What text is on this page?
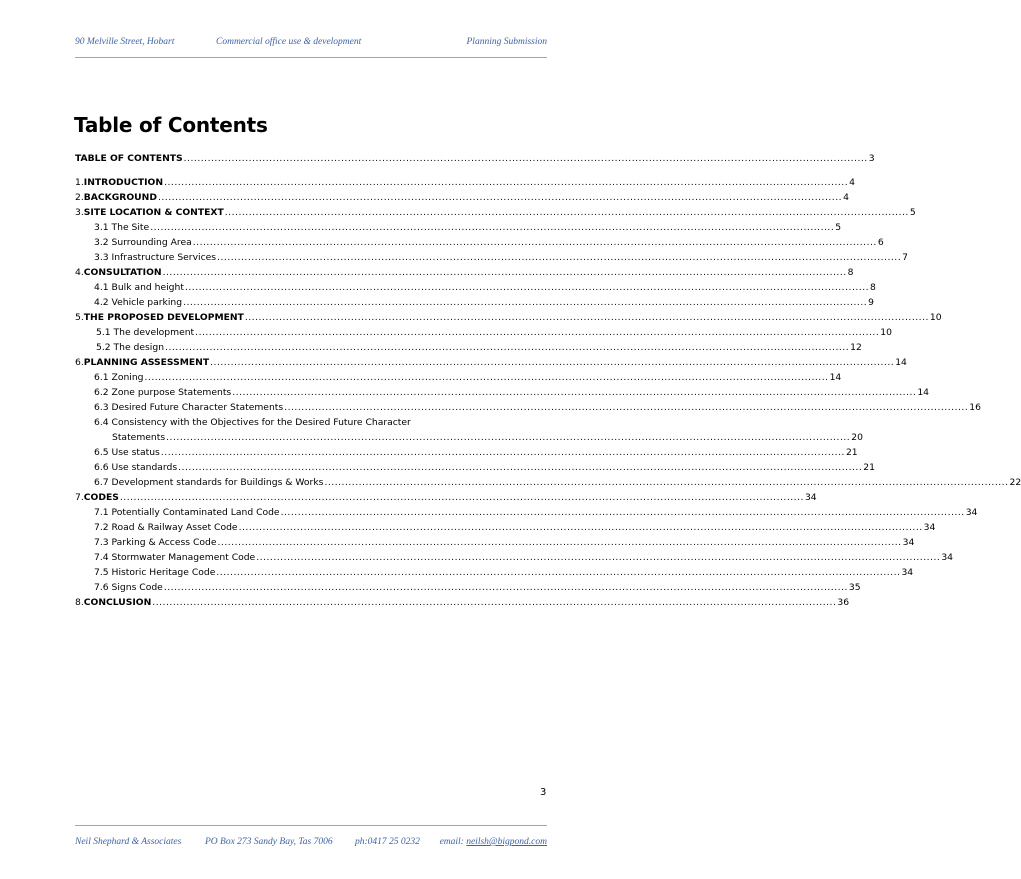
90 Melville Street, Hobart	Commercial office use & development	Planning Submission
Table of Contents
TABLE OF CONTENTS ........................................................................................................................................................................................................ 3
1. INTRODUCTION ........................................................................................................................................................................................................ 4
2. BACKGROUND ........................................................................................................................................................................................................ 4
3. SITE LOCATION & CONTEXT ........................................................................................................................................................................................................ 5
3.1 The Site ........................................................................................................................................................................................................ 5
3.2 Surrounding Area ........................................................................................................................................................................................................ 6
3.3 Infrastructure Services ........................................................................................................................................................................................................ 7
4. CONSULTATION ........................................................................................................................................................................................................ 8
4.1 Bulk and height ........................................................................................................................................................................................................ 8
4.2 Vehicle parking ........................................................................................................................................................................................................ 9
5. THE PROPOSED DEVELOPMENT ........................................................................................................................................................................................................ 10
5.1 The development ........................................................................................................................................................................................................ 10
5.2 The design ........................................................................................................................................................................................................ 12
6. PLANNING ASSESSMENT ........................................................................................................................................................................................................ 14
6.1 Zoning ........................................................................................................................................................................................................ 14
6.2 Zone purpose Statements ........................................................................................................................................................................................................ 14
6.3 Desired Future Character Statements ........................................................................................................................................................................................................ 16
6.4 Consistency with the Objectives for the Desired Future Character
Statements ........................................................................................................................................................................................................ 20
6.5 Use status ........................................................................................................................................................................................................ 21
6.6 Use standards ........................................................................................................................................................................................................ 21
6.7 Development standards for Buildings & Works ........................................................................................................................................................................................................ 22
7. CODES ........................................................................................................................................................................................................ 34
7.1 Potentially Contaminated Land Code ........................................................................................................................................................................................................ 34
7.2 Road & Railway Asset Code ........................................................................................................................................................................................................ 34
7.3 Parking & Access Code ........................................................................................................................................................................................................ 34
7.4 Stormwater Management Code ........................................................................................................................................................................................................ 34
7.5 Historic Heritage Code ........................................................................................................................................................................................................ 34
7.6 Signs Code ........................................................................................................................................................................................................ 35
8. CONCLUSION ........................................................................................................................................................................................................ 36
3
Neil Shephard & Associates PO Box 273 Sandy Bay, Tas 7006 ph:0417 25 0232 email: neilsh@bigpond.com
